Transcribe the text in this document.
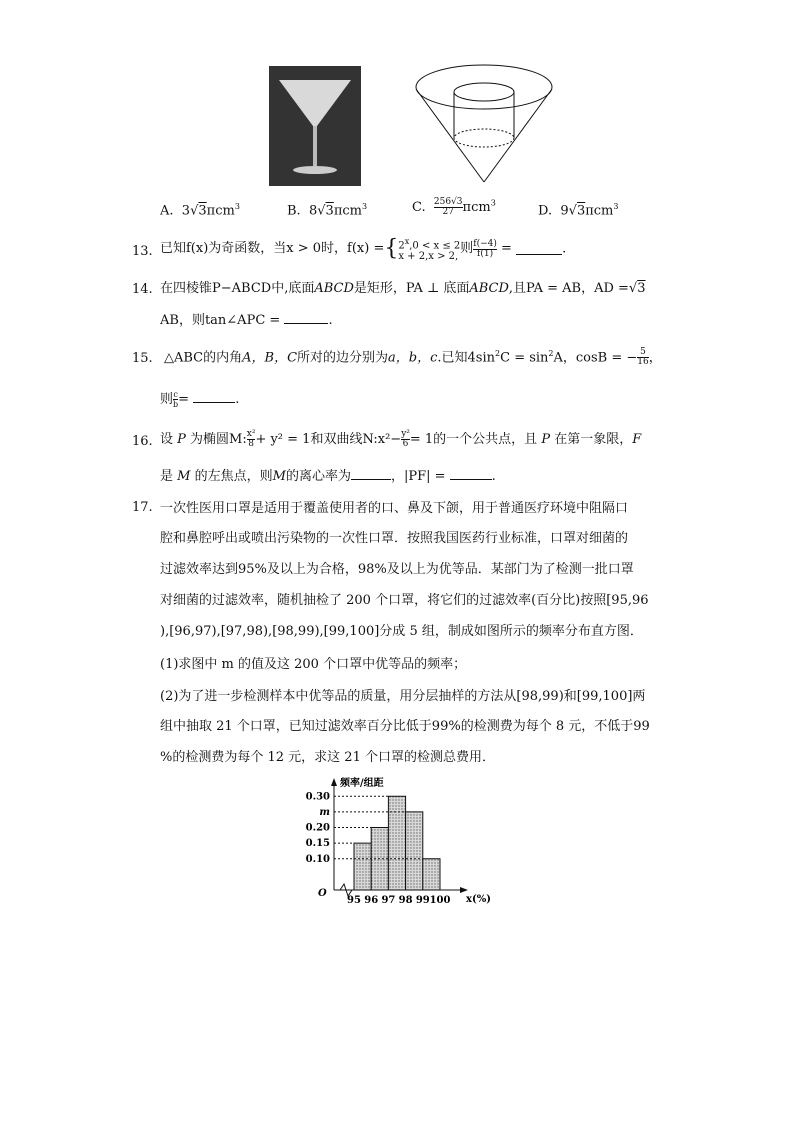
A. 3√3πcm$^3$	B. 8√3πcm$^3$	C. $\frac{256√3}{27} \pi cm^3$
D. 9√3πcm$^3$
13. 已知f(x)为奇函数，当x > 0时，f(x) ={ $2^x,0 < x \le 2$
x + 2,x > 2,
则 $\frac{f(-4)}{f(1)}$ =	.
14. 在四棱锥P−ABCD中,底面ABCD是矩形，PA ⊥ 底面ABCD,且PA = AB，AD =√3
AB，则tan∠APC =	.
15. △ABC的内角A，B，C所对的边分别为a，b，c.已知$4\sin^2C = \sin^2A$，cosB = − $\frac{5}{16}$ ，
则 $\frac{c}{b}$ =	.
16. 设 P 为椭圆M: $\frac{\text{x²}}{8} + y^2 = 1$和双曲线N:x²− $\frac{\text{y²}}{6} = 1$的一个公共点，且 P 在第一象限，F
是 M 的左焦点，则M的离心率为	，|PF| =	.
17. 一次性医用口罩是适用于覆盖使用者的口、鼻及下颌，用于普通医疗环境中阻隔口
腔和鼻腔呼出或喷出污染物的一次性口罩．按照我国医药行业标准，口罩对细菌的
过滤效率达到95%及以上为合格，98%及以上为优等品．某部门为了检测一批口罩
对细菌的过滤效率，随机抽检了 200 个口罩，将它们的过滤效率(百分比)按照[95,96
),[96,97),[97,98),[98,99),[99,100]分成 5 组，制成如图所示的频率分布直方图．
(1)求图中 m 的值及这 200 个口罩中优等品的频率；
(2)为了进一步检测样本中优等品的质量，用分层抽样的方法从[98,99)和[99,100]两
组中抽取 21 个口罩，已知过滤效率百分比低于99%的检测费为每个 8 元，不低于99
%的检测费为每个 12 元，求这 21 个口罩的检测总费用．
频率/组距
O
x(%)
0.10
0.15
0.20
m
0.30
95 96 97 98 99 100
